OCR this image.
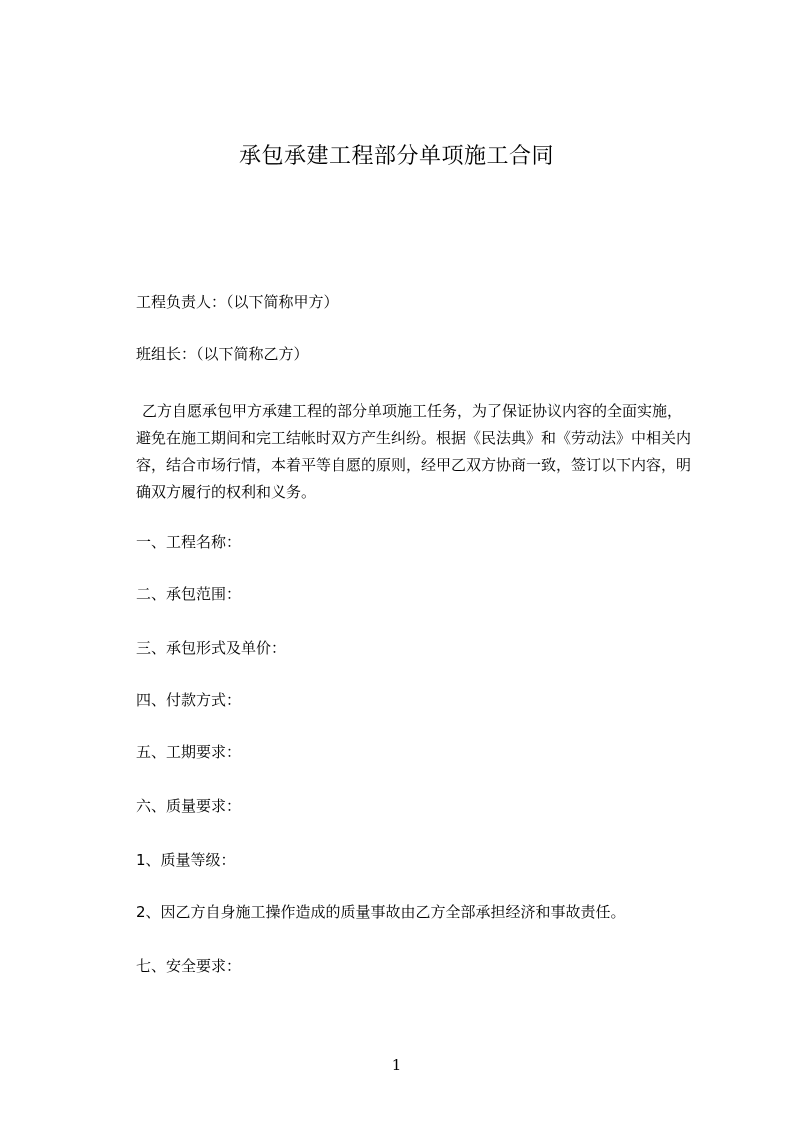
承包承建工程部分单项施工合同

工程负责人：（以下简称甲方）

班组长：（以下简称乙方）

乙方自愿承包甲方承建工程的部分单项施工任务，为了保证协议内容的全面实施，
避免在施工期间和完工结帐时双方产生纠纷。根据《民法典》和《劳动法》中相关内
容，结合市场行情，本着平等自愿的原则，经甲乙双方协商一致，签订以下内容，明
确双方履行的权利和义务。

一、工程名称：

二、承包范围：

三、承包形式及单价：

四、付款方式：

五、工期要求：

六、质量要求：

1、质量等级：

2、因乙方自身施工操作造成的质量事故由乙方全部承担经济和事故责任。

七、安全要求：

1
